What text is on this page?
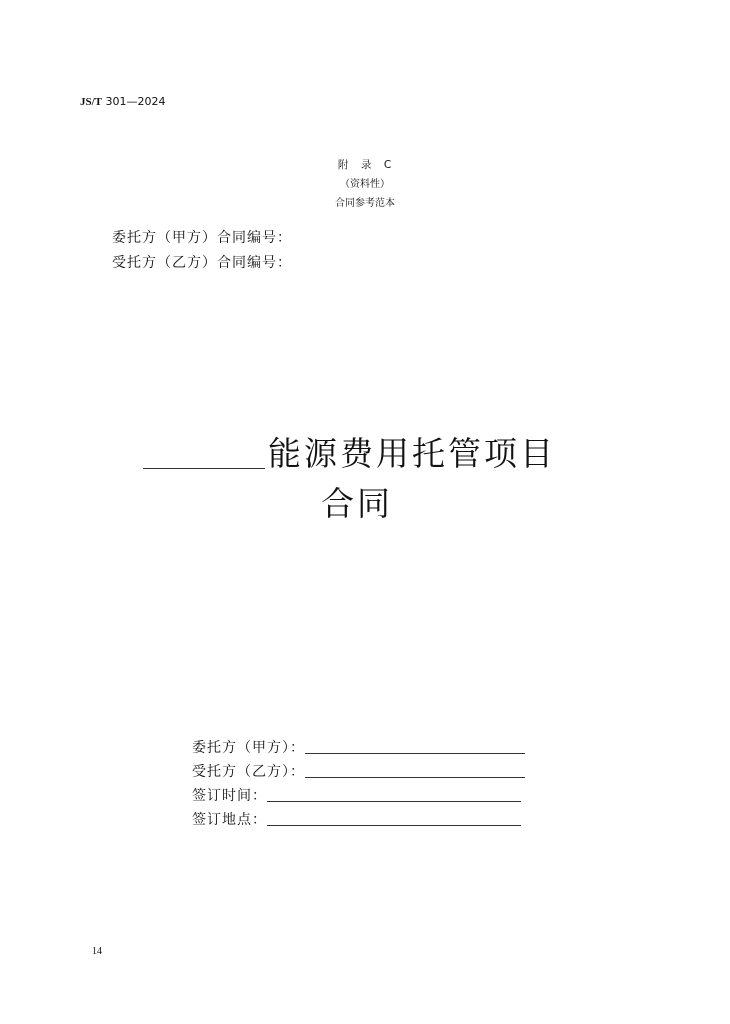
JS/T 301—2024
附　录　C
（资料性）
合同参考范本
委托方（甲方）合同编号：
受托方（乙方）合同编号：
能源费用托管项目
合同
委托方（甲方）：
受托方（乙方）：
签订时间：
签订地点：
14
